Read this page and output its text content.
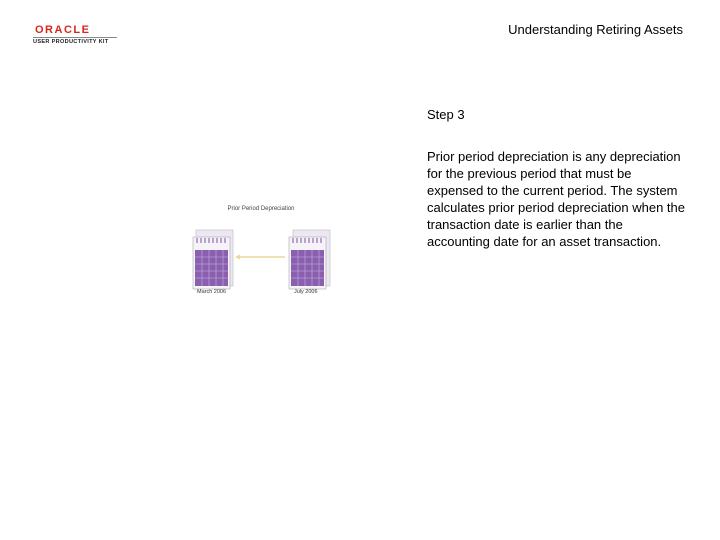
ORACLE
USER PRODUCTIVITY KIT
Understanding Retiring Assets
Step 3
Prior period depreciation is any depreciation for the previous period that must be expensed to the current period. The system calculates prior period depreciation when the transaction date is earlier than the accounting date for an asset transaction.
Prior Period Depreciation
March 2006	July 2006
